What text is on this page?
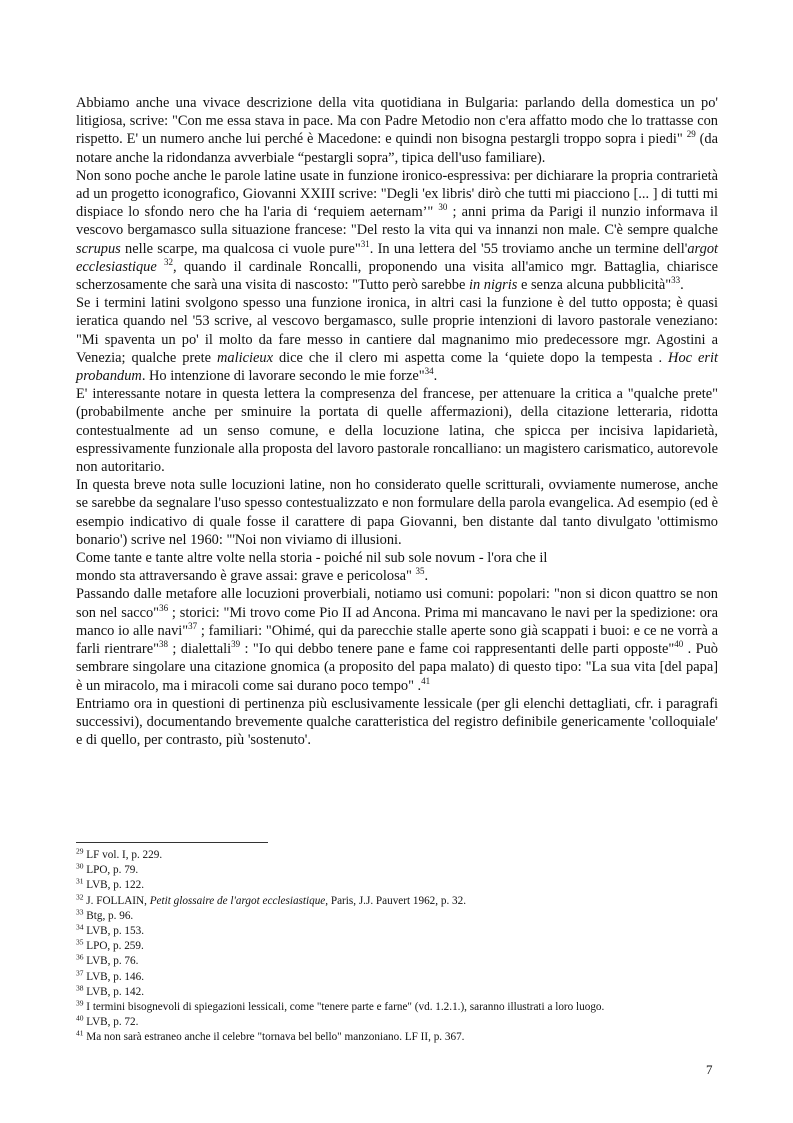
Abbiamo anche una vivace descrizione della vita quotidiana in Bulgaria: parlando della domestica un po' litigiosa, scrive: "Con me essa stava in pace. Ma con Padre Metodio non c'era affatto modo che lo trattasse con rispetto. E' un numero anche lui perché è Macedone: e quindi non bisogna pestargli troppo sopra i piedi" $^{29}$ (da notare anche la ridondanza avverbiale “pestargli sopra”, tipica dell'uso familiare).

Non sono poche anche le parole latine usate in funzione ironico-espressiva: per dichiarare la propria contrarietà ad un progetto iconografico, Giovanni XXIII scrive: "Degli 'ex libris' dirò che tutti mi piacciono [... ] di tutti mi dispiace lo sfondo nero che ha l'aria di ‘requiem aeternam’" $^{30}$ ; anni prima da Parigi il nunzio informava il vescovo bergamasco sulla situazione francese: "Del resto la vita qui va innanzi non male. C'è sempre qualche scrupus nelle scarpe, ma qualcosa ci vuole pure"$^{31}$. In una lettera del '55 troviamo anche un termine dell'argot ecclesiastique $^{32}$, quando il cardinale Roncalli, proponendo una visita all'amico mgr. Battaglia, chiarisce scherzosamente che sarà una visita di nascosto: "Tutto però sarebbe in nigris e senza alcuna pubblicità"$^{33}$.

Se i termini latini svolgono spesso una funzione ironica, in altri casi la funzione è del tutto opposta; è quasi ieratica quando nel '53 scrive, al vescovo bergamasco, sulle proprie intenzioni di lavoro pastorale veneziano: "Mi spaventa un po' il molto da fare messo in cantiere dal magnanimo mio predecessore mgr. Agostini a Venezia; qualche prete malicieux dice che il clero mi aspetta come la ‘quiete dopo la tempesta . Hoc erit probandum. Ho intenzione di lavorare secondo le mie forze"$^{34}$.

E' interessante notare in questa lettera la compresenza del francese, per attenuare la critica a "qualche prete" (probabilmente anche per sminuire la portata di quelle affermazioni), della citazione letteraria, ridotta contestualmente ad un senso comune, e della locuzione latina, che spicca per incisiva lapidarietà, espressivamente funzionale alla proposta del lavoro pastorale roncalliano: un magistero carismatico, autorevole non autoritario.

In questa breve nota sulle locuzioni latine, non ho considerato quelle scritturali, ovviamente numerose, anche se sarebbe da segnalare l'uso spesso contestualizzato e non formulare della parola evangelica. Ad esempio (ed è esempio indicativo di quale fosse il carattere di papa Giovanni, ben distante dal tanto divulgato 'ottimismo bonario') scrive nel 1960: "'Noi non viviamo di illusioni.

Come tante e tante altre volte nella storia - poiché nil sub sole novum - l'ora che il

mondo sta attraversando è grave assai: grave e pericolosa" $^{35}$.

Passando dalle metafore alle locuzioni proverbiali, notiamo usi comuni: popolari: "non si dicon quattro se non son nel sacco"$^{36}$ ; storici: "Mi trovo come Pio II ad Ancona. Prima mi mancavano le navi per la spedizione: ora manco io alle navi"$^{37}$ ; familiari: "Ohimé, qui da parecchie stalle aperte sono già scappati i buoi: e ce ne vorrà a farli rientrare"$^{38}$ ; dialettali$^{39}$ : "Io qui debbo tenere pane e fame coi rappresentanti delle parti opposte"$^{40}$ . Può sembrare singolare una citazione gnomica (a proposito del papa malato) di questo tipo: "La sua vita [del papa] è un miracolo, ma i miracoli come sai durano poco tempo" .$^{41}$

Entriamo ora in questioni di pertinenza più esclusivamente lessicale (per gli elenchi dettagliati, cfr. i paragrafi successivi), documentando brevemente qualche caratteristica del registro definibile genericamente 'colloquiale' e di quello, per contrasto, più 'sostenuto'.

$^{29}$ LF vol. I, p. 229.

$^{30}$ LPO, p. 79.

$^{31}$ LVB, p. 122.

$^{32}$ J. FOLLAIN, Petit glossaire de l'argot ecclesiastique, Paris, J.J. Pauvert 1962, p. 32.

$^{33}$ Btg, p. 96.

$^{34}$ LVB, p. 153.

$^{35}$ LPO, p. 259.

$^{36}$ LVB, p. 76.

$^{37}$ LVB, p. 146.

$^{38}$ LVB, p. 142.

$^{39}$ I termini bisognevoli di spiegazioni lessicali, come "tenere parte e farne" (vd. 1.2.1.), saranno illustrati a loro luogo.

$^{40}$ LVB, p. 72.

$^{41}$ Ma non sarà estraneo anche il celebre "tornava bel bello" manzoniano. LF II, p. 367.

7
